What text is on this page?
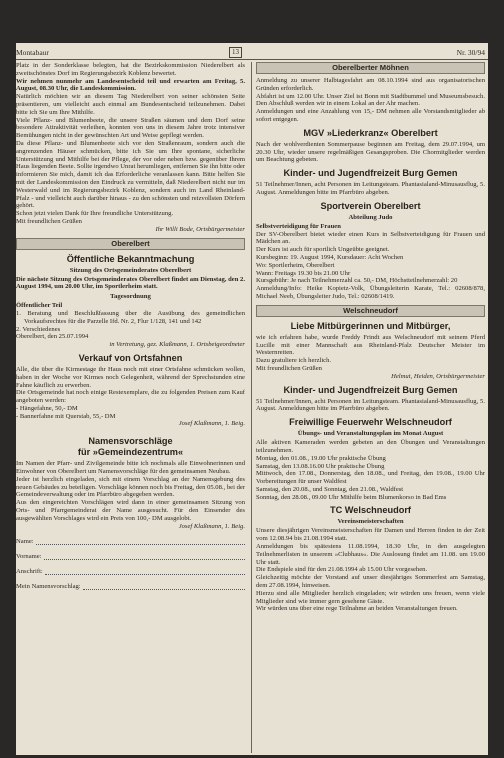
Montabaur	13	Nr. 30/94

Platz in der Sonderklasse belegten, hat die Bezirkskommission Niederelbert als zweitschönstes Dorf im Regierungsbezirk Koblenz bewertet.

Wir nehmen nunmehr am Landesentscheid teil und erwarten am Freitag, 5. August, 08.30 Uhr, die Landeskommission.

Natürlich möchten wir an diesem Tag Niederelbert von seiner schönsten Seite präsentieren, um vielleicht auch einmal am Bundesentscheid teilzunehmen. Dabei bitte ich Sie um Ihre Mithilfe.

Viele Pflanz- und Blumenbeete, die unsere Straßen säumen und dem Dorf seine besondere Attraktivität verleihen, konnten von uns in diesem Jahre trotz intensiver Bemühungen nicht in der gewünschten Art und Weise gepflegt werden.

Da diese Pflanz- und Blumenbeete sich vor den Straßenraum, sondern auch die angrenzenden Häuser schmücken, bitte ich Sie um Ihre spontane, sicherliche Unterstützung und Mithilfe bei der Pflege, der vor oder neben bzw. gegenüber Ihrem Haus liegenden Beete. Sollte irgendwo Unrat herumliegen, entfernen Sie ihn bitte oder informieren Sie mich, damit ich das Erforderliche veranlassen kann. Bitte helfen Sie mit der Landeskommission den Eindruck zu vermitteln, daß Niederelbert nicht nur im Westerwald und im Regierungsbezirk Koblenz, sondern auch im Land Rheinland-Pfalz - und vielleicht auch darüber hinaus - zu den schönsten und reizvollsten Dörfern gehört.

Schon jetzt vielen Dank für Ihre freundliche Unterstützung.

Mit freundlichen Grüßen

Ihr Willi Bode, Ortsbürgermeister

Oberelbert
Öffentliche Bekanntmachung
Sitzung des Ortsgemeinderates Oberelbert

Die nächste Sitzung des Ortsgemeinderates Oberelbert findet am Dienstag, den 2. August 1994, um 20.00 Uhr, im Sportlerheim statt.

Tagesordnung

Öffentlicher Teil

1. Beratung und Beschlußfassung über die Ausübung des gemeindlichen Vorkaufsrechtes für die Parzelle Ifd. Nr. 2, Flur 1/128, 141 und 142

2. Verschiedenes

Oberelbert, den 25.07.1994

in Vertretung, gez. Klaßmann, 1. Ortsbeigeordneter

Verkauf von Ortsfahnen

Alle, die über die Kirmestage ihr Haus noch mit einer Ortsfahne schmücken wollen, haben in der Woche vor Kirmes noch Gelegenheit, während der Sprechstunden eine Fahne käuflich zu erwerben.

Die Ortsgemeinde hat noch einige Restexemplare, die zu folgenden Preisen zum Kauf angeboten werden:

- Hängefahne, 50,- DM

- Bannerfahne mit Querstab, 55,- DM

Josef Klaßmann, 1. Beig.

Namensvorschläge
für »Gemeindezentrum«

Im Namen der Pfarr- und Zivilgemeinde bitte ich nochmals alle Einwohnerinnen und Einwohner von Oberelbert um Namensvorschläge für den gemeinsamen Neubau.

Jeder ist herzlich eingeladen, sich mit einem Vorschlag an der Namensgebung des neuen Gebäudes zu beteiligen. Vorschläge können noch bis Freitag, den 05.08., bei der Gemeindeverwaltung oder im Pfarrbüro abgegeben werden.

Aus den eingereichten Vorschlägen wird dann in einer gemeinsamen Sitzung von Orts- und Pfarrgemeinderat der Name ausgesucht. Für den Einsender des ausgewählten Vorschlages wird ein Preis von 100,- DM ausgelobt.

Josef Klaßmann, 1. Beig.

Name:
Vorname:
Anschrift:
Mein Namensvorschlag:
Oberelberter Möhnen

Anmeldung zu unserer Halbtagesfahrt am 08.10.1994 sind aus organisatorischen Gründen erforderlich.

Abfahrt ist um 12.00 Uhr. Unser Ziel ist Bonn mit Stadtbummel und Museumsbesuch. Den Abschluß werden wir in einem Lokal an der Ahr machen.

Anmeldungen und eine Anzahlung von 15,- DM nehmen alle Vorstandsmitglieder ab sofort entgegen.

MGV »Liederkranz« Oberelbert

Nach der wohlverdienten Sommerpause beginnen am Freitag, dem 29.07.1994, um 20.30 Uhr, wieder unsere regelmäßigen Gesangsproben. Die Chormitglieder werden um Beachtung gebeten.

Kinder- und Jugendfreizeit Burg Gemen

51 Teilnehmer/Innen, acht Personen im Leitungsteam. Phantasialand-Minusausflug, 5. August. Anmeldungen bitte im Pfarrbüro abgeben.

Sportverein Oberelbert
Abteilung Judo

Selbstverteidigung für Frauen

Der SV-Oberelbert bietet wieder einen Kurs in Selbstverteidigung für Frauen und Mädchen an.

Der Kurs ist auch für sportlich Ungeübte geeignet.

Kursbeginn: 19. August 1994, Kursdauer: Acht Wochen

Wo: Sportlerheim, Oberelbert

Wann: Freitags 19.30 bis 21.00 Uhr

Kursgebühr: Je nach Teilnehmerzahl ca. 50,- DM, Höchstteilnehmerzahl: 20

Anmeldung/Info: Heike Kopietz-Volk, Übungsleiterin Karate, Tel.: 02608/878, Michael Neeb, Übungsleiter Judo, Tel.: 02608/1419.

Welschneudorf
Liebe Mitbürgerinnen und Mitbürger,

wie ich erfahren habe, wurde Freddy Frindt aus Welschneudorf mit seinem Pferd Lucille mit einer Mannschaft aus Rheinland-Pfalz Deutscher Meister im Westernreiten.

Dazu gratuliere ich herzlich.

Mit freundlichen Grüßen

Helmut, Heiden, Ortsbürgermeister

Kinder- und Jugendfreizeit Burg Gemen

51 Teilnehmer/Innen, acht Personen im Leitungsteam. Phantasialand-Minusausflug, 5. August. Anmeldungen bitte im Pfarrbüro abgeben.

Freiwillige Feuerwehr Welschneudorf
Übungs- und Veranstaltungsplan im Monat August

Alle aktiven Kameraden werden gebeten an den Übungen und Veranstaltungen teilzunehmen.

Montag, den 01.08., 19.00 Uhr praktische Übung

Samstag, den 13.08.16.00 Uhr praktische Übung

Mittwoch, den 17.08., Donnerstag, den 18.08., und Freitag, den 19.08., 19.00 Uhr Vorbereitungen für unser Waldfest

Samstag, den 20.08., und Sonntag, den 21.08., Waldfest

Sonntag, den 28.08., 09.00 Uhr Mithilfe beim Blumenkorso in Bad Ems

TC Welschneudorf
Vereinsmeisterschaften

Unsere diesjährigen Vereinsmeisterschaften für Damen und Herren finden in der Zeit vom 12.08.94 bis 21.08.1994 statt.

Anmeldungen bis spätestens 11.08.1994, 18.30 Uhr, in den ausgelegten Teilnehmerlisten in unserem »Clubhaus«. Die Auslosung findet am 11.08. um 19.00 Uhr statt.

Die Endspiele sind für den 21.08.1994 ab 15.00 Uhr vorgesehen.

Gleichzeitig möchte der Vorstand auf unser diesjähriges Sommerfest am Samstag, dem 27.08.1994, hinweisen.

Hierzu sind alle Mitglieder herzlich eingeladen; wir würden uns freuen, wenn viele Mitglieder sind wie immer gern gesehene Gäste.

Wir würden uns über eine rege Teilnahme an beiden Veranstaltungen freuen.
